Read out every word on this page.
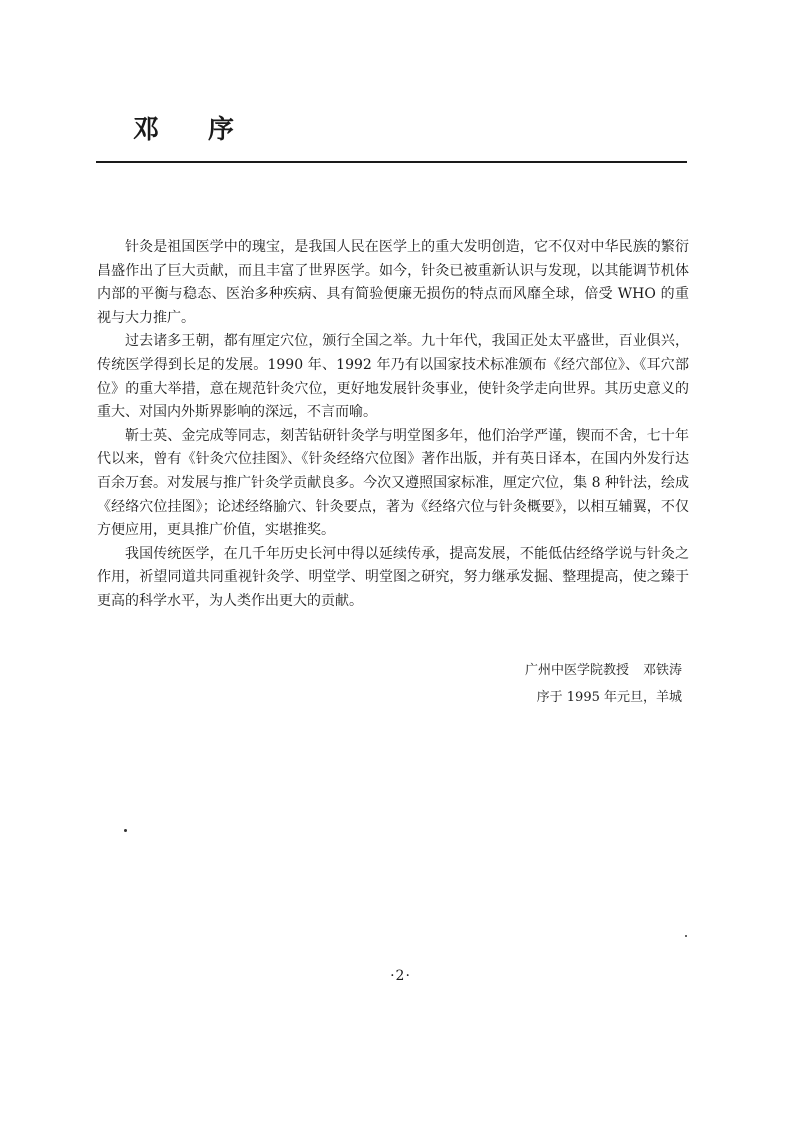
邓 序

针灸是祖国医学中的瑰宝，是我国人民在医学上的重大发明创造，它不仅对中华民族的繁衍昌盛作出了巨大贡献，而且丰富了世界医学。如今，针灸已被重新认识与发现，以其能调节机体内部的平衡与稳态、医治多种疾病、具有简验便廉无损伤的特点而风靡全球，倍受 WHO 的重视与大力推广。

过去诸多王朝，都有厘定穴位，颁行全国之举。九十年代，我国正处太平盛世，百业俱兴，传统医学得到长足的发展。1990 年、1992 年乃有以国家技术标准颁布《经穴部位》、《耳穴部位》的重大举措，意在规范针灸穴位，更好地发展针灸事业，使针灸学走向世界。其历史意义的重大、对国内外斯界影响的深远，不言而喻。

靳士英、金完成等同志，刻苦钻研针灸学与明堂图多年，他们治学严谨，锲而不舍，七十年代以来，曾有《针灸穴位挂图》、《针灸经络穴位图》著作出版，并有英日译本，在国内外发行达百余万套。对发展与推广针灸学贡献良多。今次又遵照国家标准，厘定穴位，集 8 种针法，绘成《经络穴位挂图》；论述经络腧穴、针灸要点，著为《经络穴位与针灸概要》，以相互辅翼，不仅方便应用，更具推广价值，实堪推奖。

我国传统医学，在几千年历史长河中得以延续传承，提高发展，不能低估经络学说与针灸之作用，祈望同道共同重视针灸学、明堂学、明堂图之研究，努力继承发掘、整理提高，使之臻于更高的科学水平，为人类作出更大的贡献。

广州中医学院教授 邓铁涛
序于 1995 年元旦，羊城
·2·
